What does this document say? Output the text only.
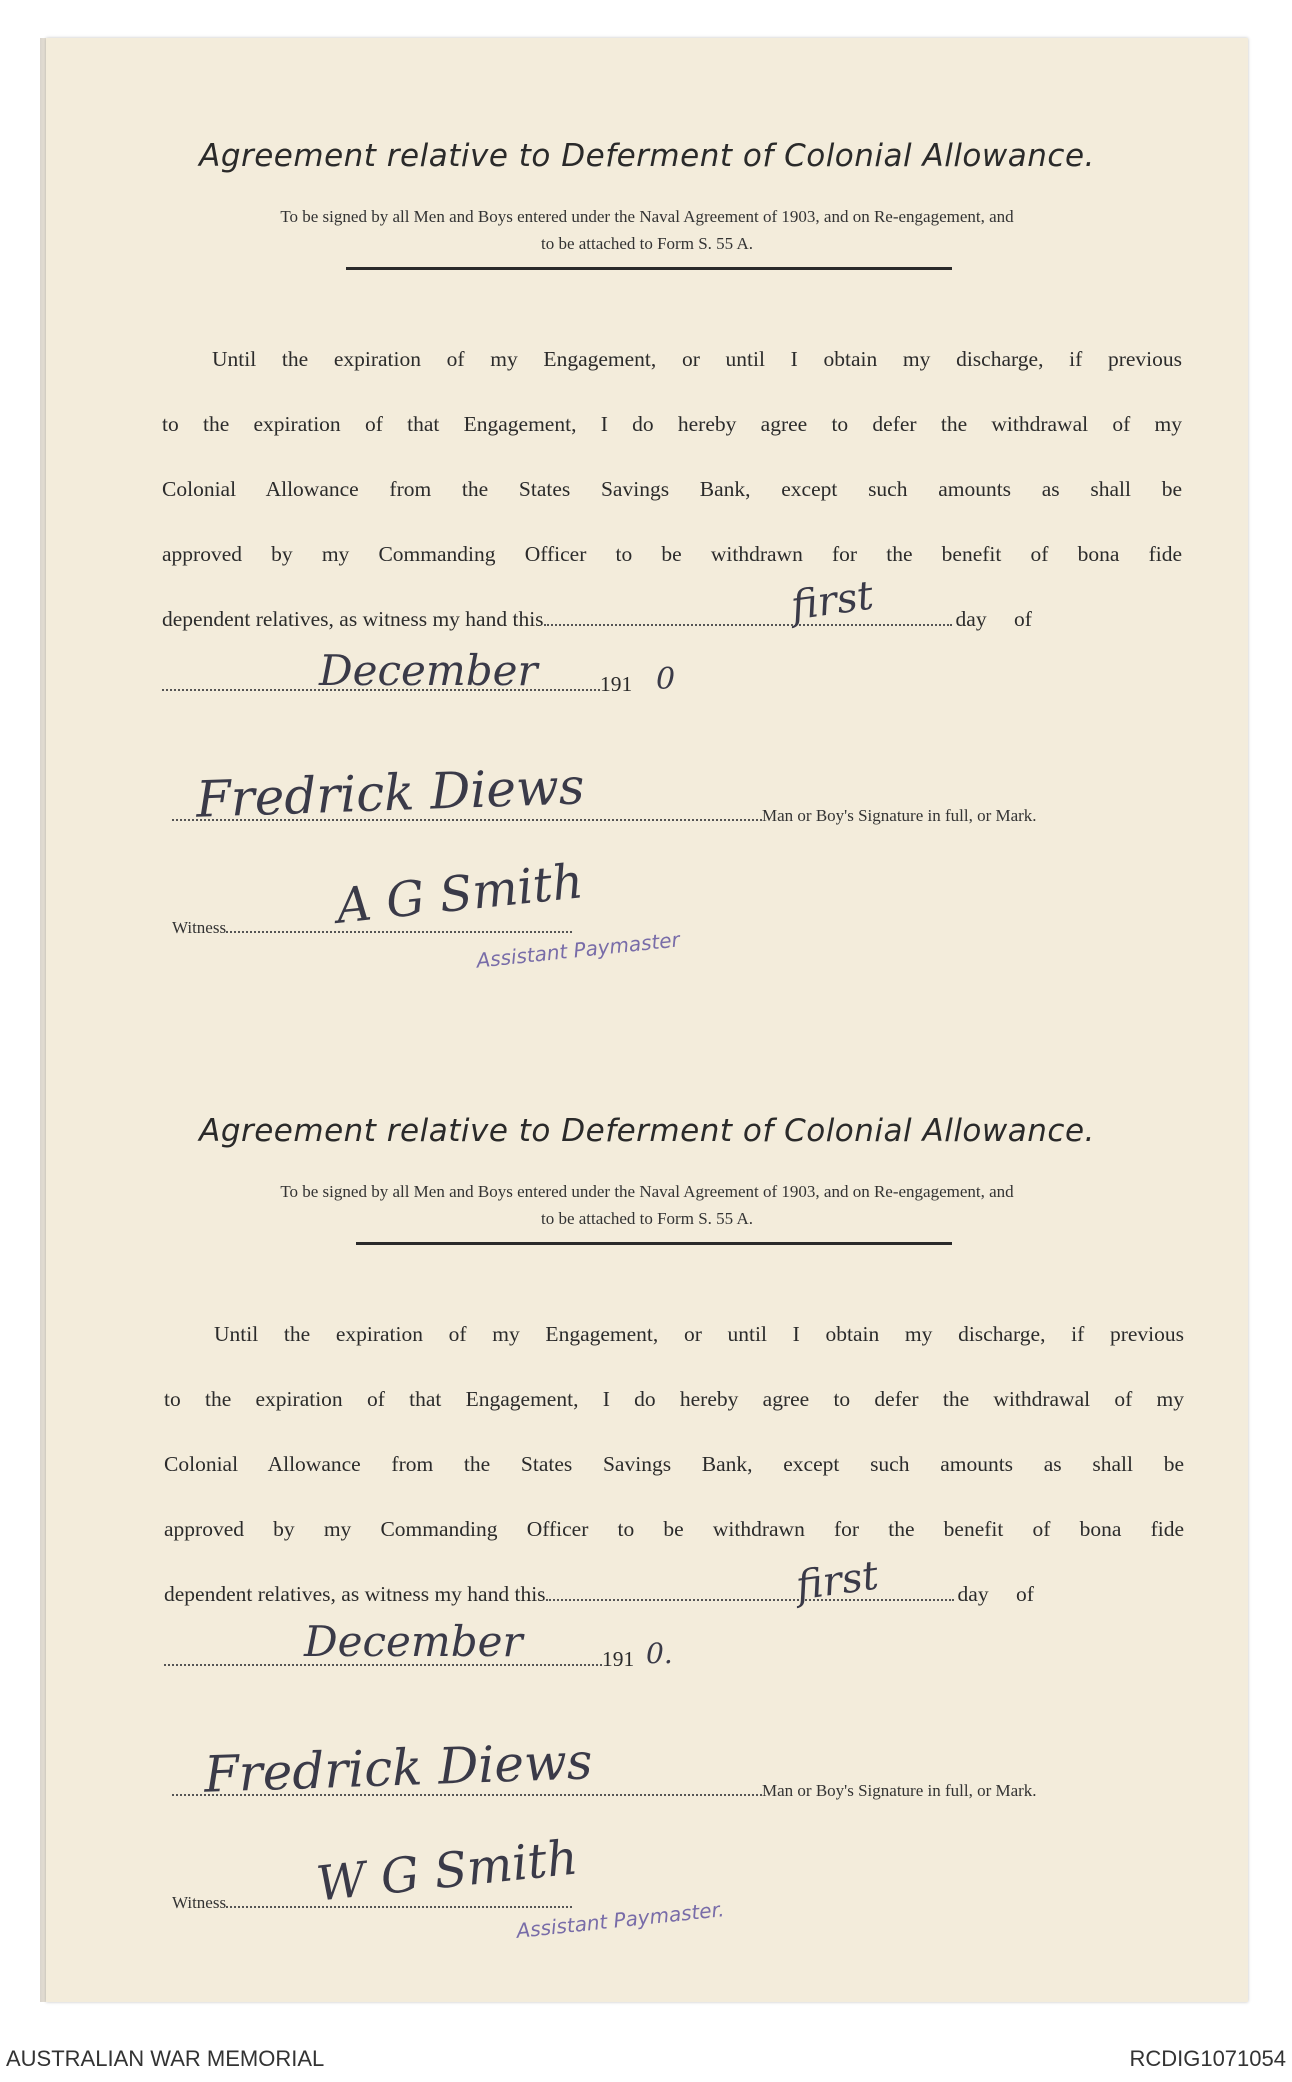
Agreement relative to Deferment of Colonial Allowance.
To be signed by all Men and Boys entered under the Naval Agreement of 1903, and on Re-engagement, and
to be attached to Form S. 55 A.
Until the expiration of my Engagement, or until I obtain my discharge, if previous
to the expiration of that Engagement, I do hereby agree to defer the withdrawal of my
Colonial Allowance from the States Savings Bank, except such amounts as shall be
approved by my Commanding Officer to be withdrawn for the benefit of bona fide
dependent relatives, as witness my hand this	day of
first
191
December	0
Man or Boy's Signature in full, or Mark.
Fredrick Diews
Witness	A G Smith
Assistant Paymaster
Agreement relative to Deferment of Colonial Allowance.
To be signed by all Men and Boys entered under the Naval Agreement of 1903, and on Re-engagement, and
to be attached to Form S. 55 A.
Until the expiration of my Engagement, or until I obtain my discharge, if previous
to the expiration of that Engagement, I do hereby agree to defer the withdrawal of my
Colonial Allowance from the States Savings Bank, except such amounts as shall be
approved by my Commanding Officer to be withdrawn for the benefit of bona fide
dependent relatives, as witness my hand this	day of
first
191
December	0.
Man or Boy's Signature in full, or Mark.
Fredrick Diews
Witness	W G Smith
Assistant Paymaster.
AUSTRALIAN WAR MEMORIAL	RCDIG1071054
